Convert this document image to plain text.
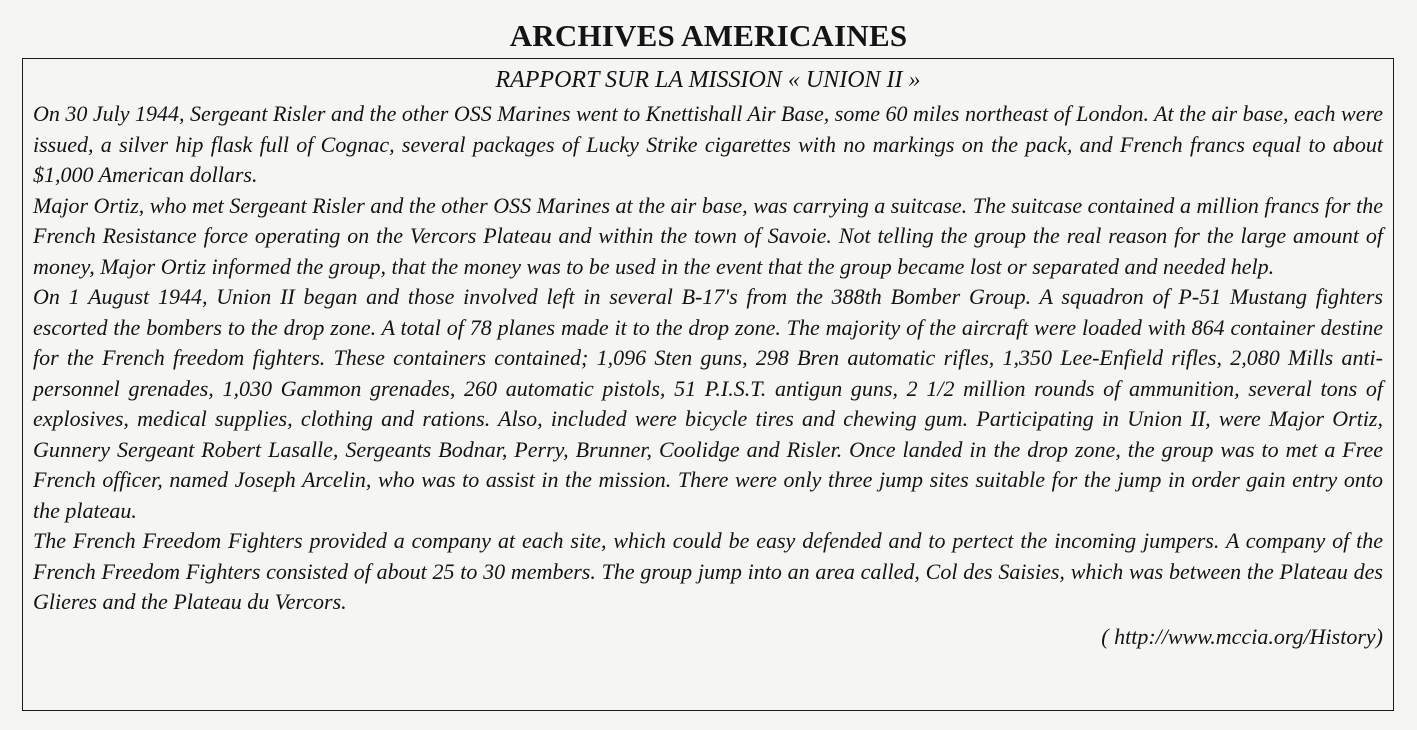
ARCHIVES AMERICAINES
RAPPORT SUR LA MISSION « UNION II »

On 30 July 1944, Sergeant Risler and the other OSS Marines went to Knettishall Air Base, some 60 miles northeast of London. At the air base, each were issued, a silver hip flask full of Cognac, several packages of Lucky Strike cigarettes with no markings on the pack, and French francs equal to about $1,000 American dollars.

Major Ortiz, who met Sergeant Risler and the other OSS Marines at the air base, was carrying a suitcase. The suitcase contained a million francs for the French Resistance force operating on the Vercors Plateau and within the town of Savoie. Not telling the group the real reason for the large amount of money, Major Ortiz informed the group, that the money was to be used in the event that the group became lost or separated and needed help.

On 1 August 1944, Union II began and those involved left in several B-17's from the 388th Bomber Group. A squadron of P-51 Mustang fighters escorted the bombers to the drop zone. A total of 78 planes made it to the drop zone. The majority of the aircraft were loaded with 864 container destine for the French freedom fighters. These containers contained; 1,096 Sten guns, 298 Bren automatic rifles, 1,350 Lee-Enfield rifles, 2,080 Mills anti-personnel grenades, 1,030 Gammon grenades, 260 automatic pistols, 51 P.I.S.T. antigun guns, 2 1/2 million rounds of ammunition, several tons of explosives, medical supplies, clothing and rations. Also, included were bicycle tires and chewing gum. Participating in Union II, were Major Ortiz, Gunnery Sergeant Robert Lasalle, Sergeants Bodnar, Perry, Brunner, Coolidge and Risler. Once landed in the drop zone, the group was to met a Free French officer, named Joseph Arcelin, who was to assist in the mission. There were only three jump sites suitable for the jump in order gain entry onto the plateau.

The French Freedom Fighters provided a company at each site, which could be easy defended and to pertect the incoming jumpers. A company of the French Freedom Fighters consisted of about 25 to 30 members. The group jump into an area called, Col des Saisies, which was between the Plateau des Glieres and the Plateau du Vercors.

( http://www.mccia.org/History)
